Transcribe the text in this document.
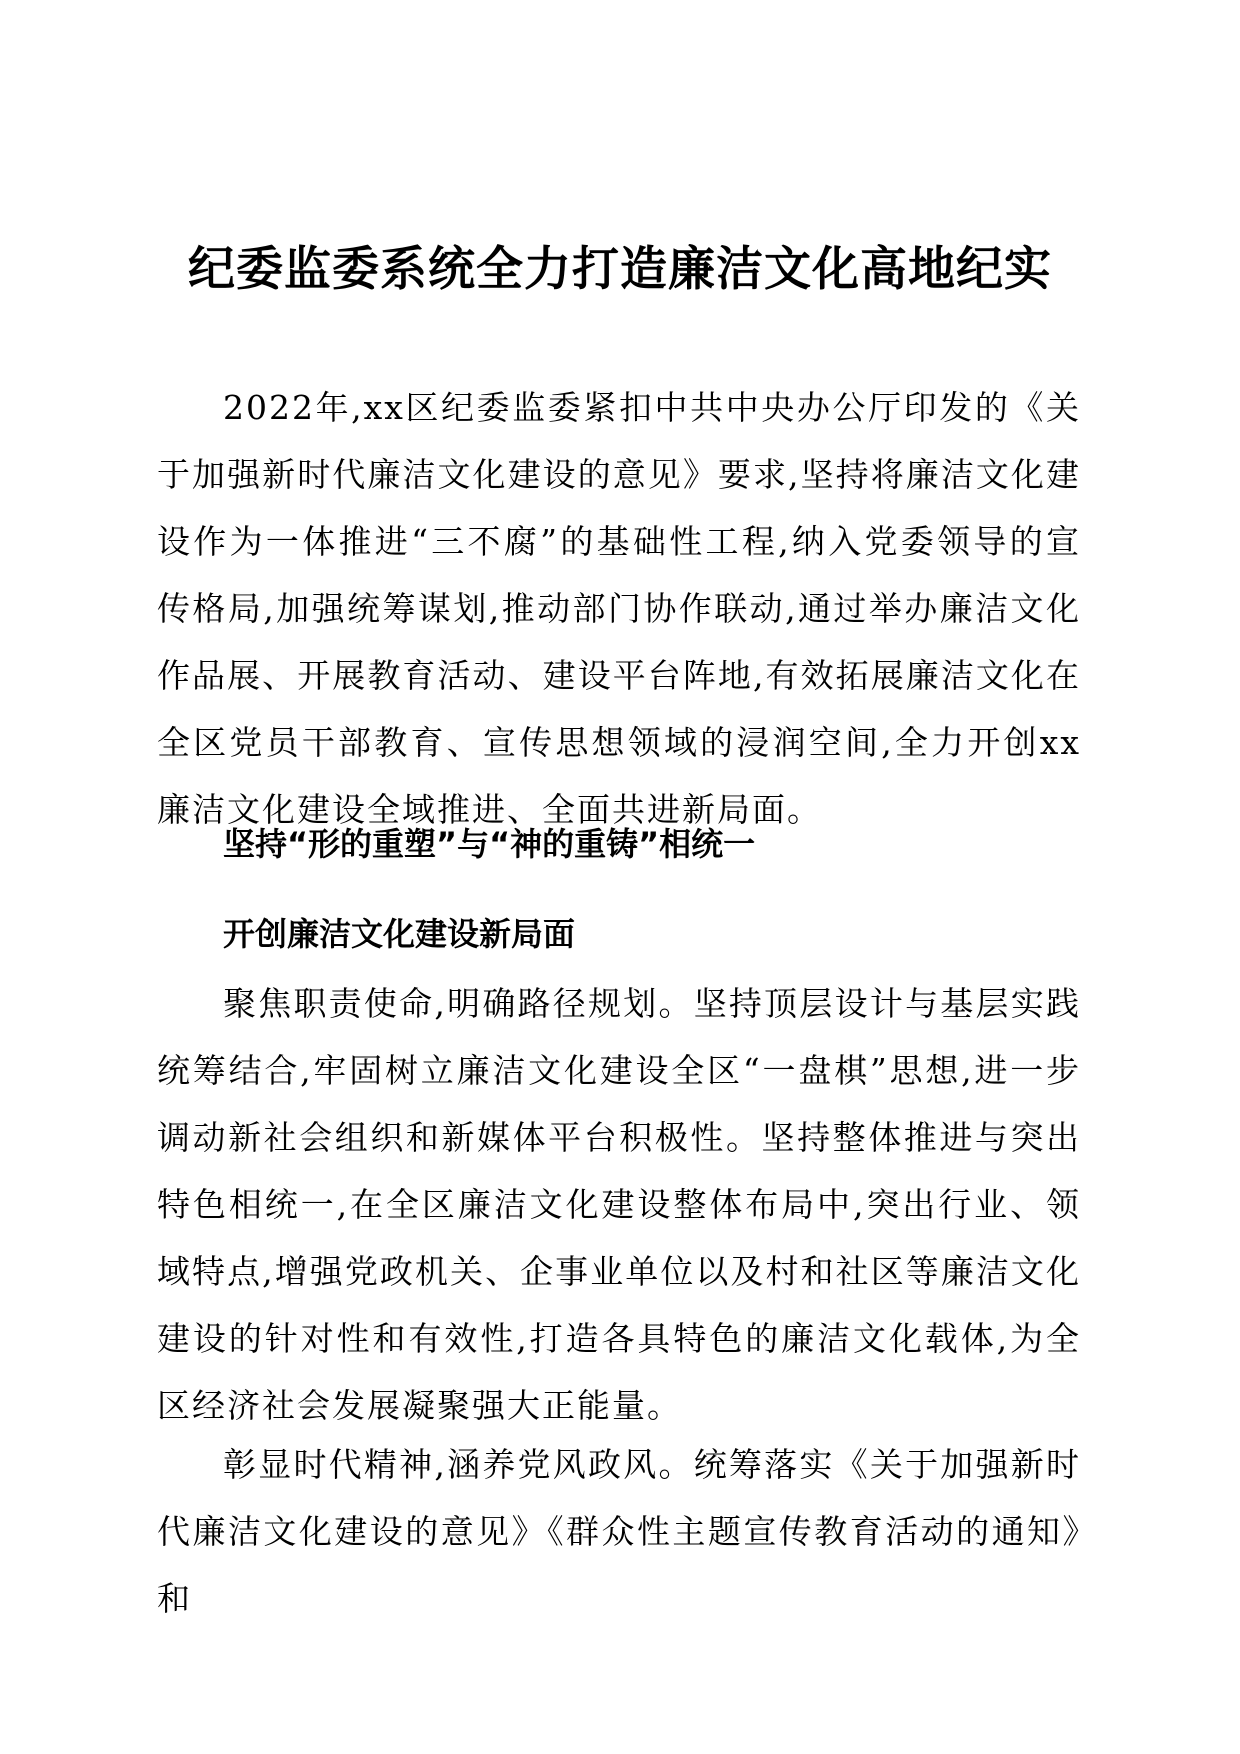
纪委监委系统全力打造廉洁文化高地纪实

2022年,xx区纪委监委紧扣中共中央办公厅印发的《关于加强新时代廉洁文化建设的意见》要求,坚持将廉洁文化建设作为一体推进“三不腐”的基础性工程,纳入党委领导的宣传格局,加强统筹谋划,推动部门协作联动,通过举办廉洁文化作品展、开展教育活动、建设平台阵地,有效拓展廉洁文化在全区党员干部教育、宣传思想领域的浸润空间,全力开创xx廉洁文化建设全域推进、全面共进新局面。

坚持“形的重塑”与“神的重铸”相统一
开创廉洁文化建设新局面

聚焦职责使命,明确路径规划。坚持顶层设计与基层实践统筹结合,牢固树立廉洁文化建设全区“一盘棋”思想,进一步调动新社会组织和新媒体平台积极性。坚持整体推进与突出特色相统一,在全区廉洁文化建设整体布局中,突出行业、领域特点,增强党政机关、企事业单位以及村和社区等廉洁文化建设的针对性和有效性,打造各具特色的廉洁文化载体,为全区经济社会发展凝聚强大正能量。

彰显时代精神,涵养党风政风。统筹落实《关于加强新时代廉洁文化建设的意见》《群众性主题宣传教育活动的通知》和
